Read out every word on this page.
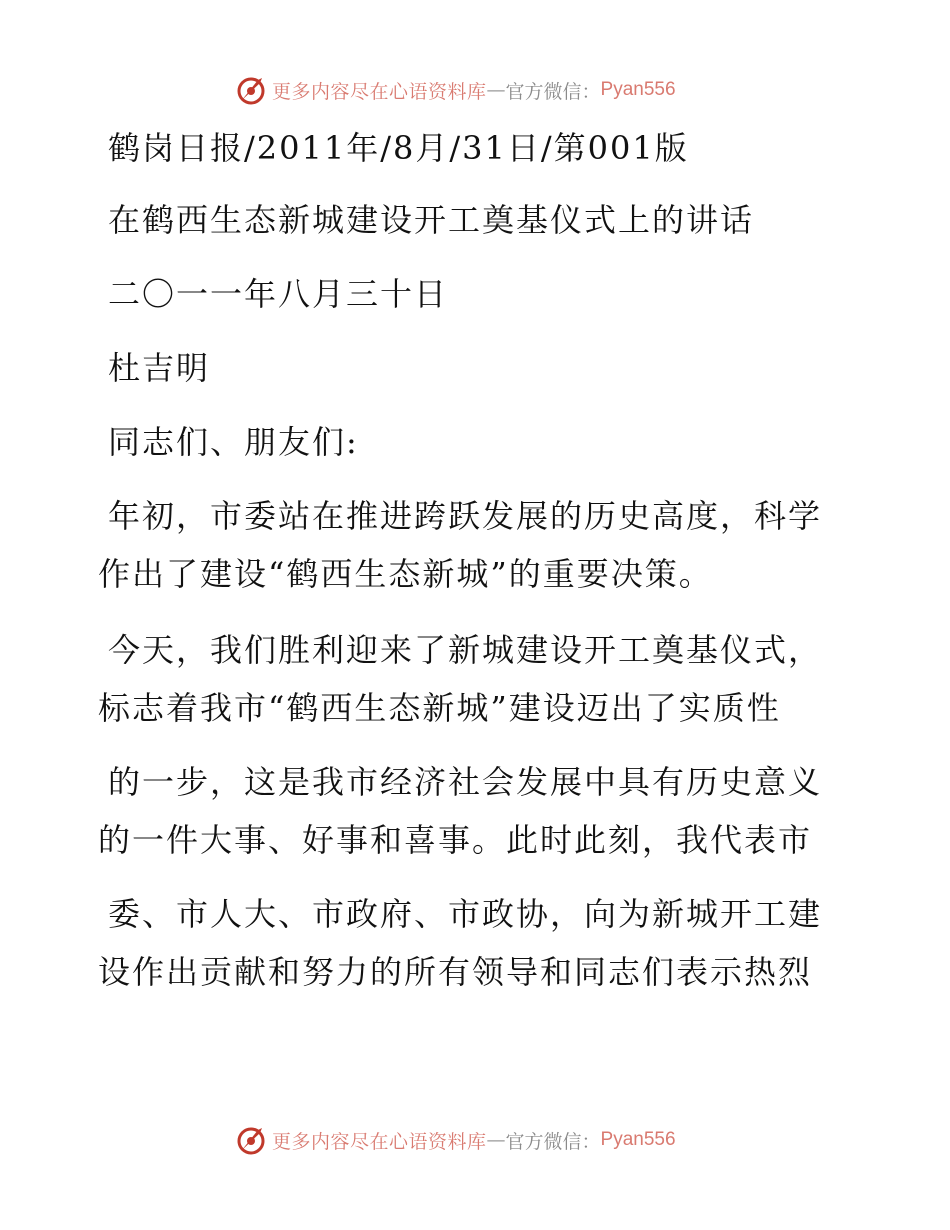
更多内容尽在心语资料库 — 官方微信： Pyan556
鹤岗日报/2011年/8月/31日/第001版
在鹤西生态新城建设开工奠基仪式上的讲话
二〇一一年八月三十日
杜吉明
同志们、朋友们:
年初，市委站在推进跨跃发展的历史高度，科学
作出了建设“鹤西生态新城”的重要决策。
今天，我们胜利迎来了新城建设开工奠基仪式，
标志着我市“鹤西生态新城”建设迈出了实质性
的一步，这是我市经济社会发展中具有历史意义
的一件大事、好事和喜事。此时此刻，我代表市
委、市人大、市政府、市政协，向为新城开工建
设作出贡献和努力的所有领导和同志们表示热烈
更多内容尽在心语资料库 — 官方微信： Pyan556
